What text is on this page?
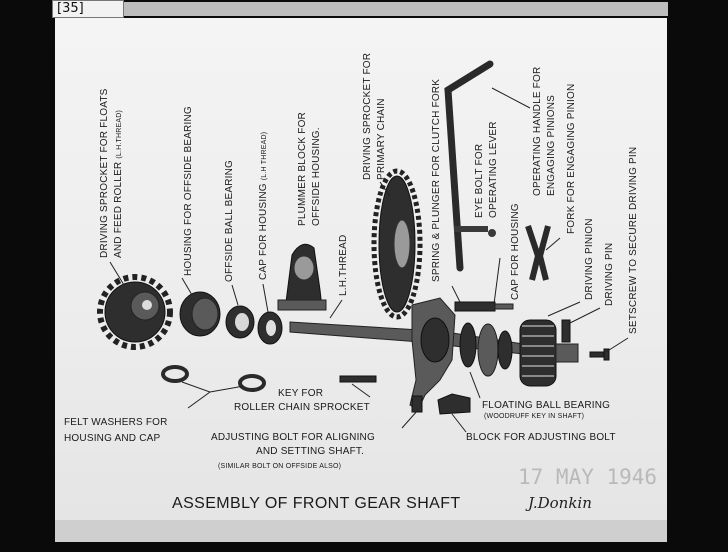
[35]
DRIVING SPROCKET FOR FLOATS AND FEED ROLLER (L.H.THREAD)	HOUSING FOR OFFSIDE BEARING	OFFSIDE BALL BEARING CAP FOR HOUSING (L.H THREAD)	PLUMMER BLOCK FOR OFFSIDE HOUSING.
L.H.THREAD
DRIVING SPROCKET FOR PRIMARY CHAIN	SPRING & PLUNGER FOR CLUTCH FORK	EYE BOLT FOR OPERATING LEVER
CAP FOR HOUSING
OPERATING HANDLE FOR ENGAGING PINIONS FORK FOR ENGAGING PINION
DRIVING PINION DRIVING PIN SETSCREW TO SECURE DRIVING PIN
FELT WASHERS FOR
HOUSING AND CAP
KEY FOR
ROLLER CHAIN SPROCKET	FLOATING BALL BEARING
(WOODRUFF KEY IN SHAFT)
ADJUSTING BOLT FOR ALIGNING
AND SETTING SHAFT.
(SIMILAR BOLT ON OFFSIDE ALSO)
BLOCK FOR ADJUSTING BOLT
17 MAY 1946
ASSEMBLY OF FRONT GEAR SHAFT	J.Donkin
